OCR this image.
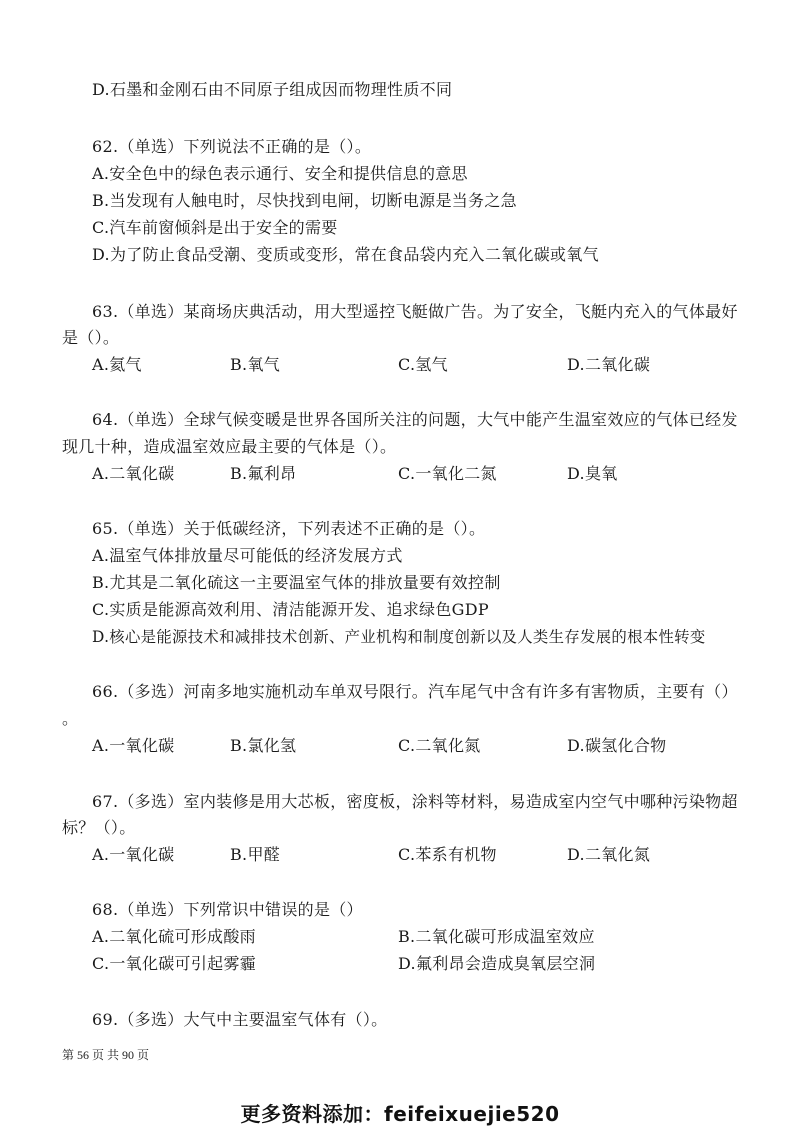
D.石墨和金刚石由不同原子组成因而物理性质不同
62.（单选）下列说法不正确的是（）。
A.安全色中的绿色表示通行、安全和提供信息的意思
B.当发现有人触电时，尽快找到电闸，切断电源是当务之急
C.汽车前窗倾斜是出于安全的需要
D.为了防止食品受潮、变质或变形，常在食品袋内充入二氧化碳或氧气
63.（单选）某商场庆典活动，用大型遥控飞艇做广告。为了安全，飞艇内充入的气体最好
是（）。
A.氦气	B.氧气	C.氢气	D.二氧化碳
64.（单选）全球气候变暖是世界各国所关注的问题，大气中能产生温室效应的气体已经发
现几十种，造成温室效应最主要的气体是（）。
A.二氧化碳	B.氟利昂	C.一氧化二氮	D.臭氧
65.（单选）关于低碳经济，下列表述不正确的是（）。
A.温室气体排放量尽可能低的经济发展方式
B.尤其是二氧化硫这一主要温室气体的排放量要有效控制
C.实质是能源高效利用、清洁能源开发、追求绿色GDP
D.核心是能源技术和减排技术创新、产业机构和制度创新以及人类生存发展的根本性转变
66.（多选）河南多地实施机动车单双号限行。汽车尾气中含有许多有害物质，主要有（）
。
A.一氧化碳	B.氯化氢	C.二氧化氮	D.碳氢化合物
67.（多选）室内装修是用大芯板，密度板，涂料等材料，易造成室内空气中哪种污染物超
标？（）。
A.一氧化碳	B.甲醛	C.苯系有机物	D.二氧化氮
68.（单选）下列常识中错误的是（）
A.二氧化硫可形成酸雨	B.二氧化碳可形成温室效应
C.一氧化碳可引起雾霾	D.氟利昂会造成臭氧层空洞
69.（多选）大气中主要温室气体有（）。
第 56 页 共 90 页
更多资料添加：feifeixuejie520
